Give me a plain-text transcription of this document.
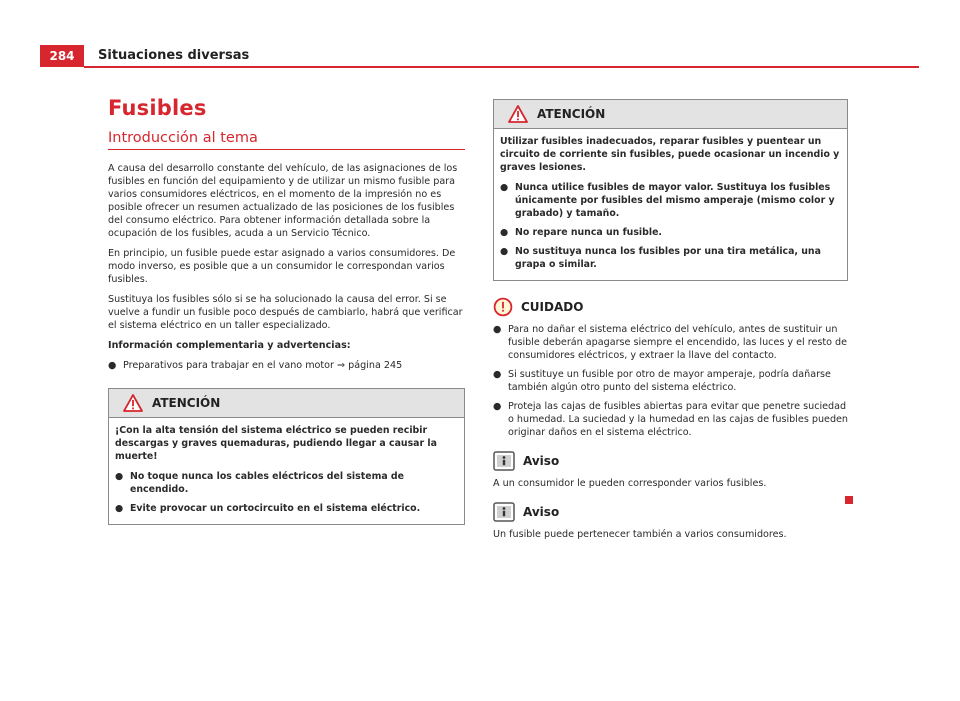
284	Situaciones diversas
Fusibles
Introducción al tema

A causa del desarrollo constante del vehículo, de las asignaciones de los fusibles en función del equipamiento y de utilizar un mismo fusible para varios consumidores eléctricos, en el momento de la impresión no es posible ofrecer un resumen actualizado de las posiciones de los fusibles del consumo eléctrico. Para obtener información detallada sobre la ocupación de los fusibles, acuda a un Servicio Técnico.

En principio, un fusible puede estar asignado a varios consumidores. De modo inverso, es posible que a un consumidor le correspondan varios fusibles.

Sustituya los fusibles sólo si se ha solucionado la causa del error. Si se vuelve a fundir un fusible poco después de cambiarlo, habrá que verificar el sistema eléctrico en un taller especializado.

Información complementaria y advertencias:

● Preparativos para trabajar en el vano motor ⇒ página 245
ATENCIÓN

¡Con la alta tensión del sistema eléctrico se pueden recibir descargas y graves quemaduras, pudiendo llegar a causar la muerte!

● No toque nunca los cables eléctricos del sistema de encendido.
● Evite provocar un cortocircuito en el sistema eléctrico.
ATENCIÓN

Utilizar fusibles inadecuados, reparar fusibles y puentear un circuito de corriente sin fusibles, puede ocasionar un incendio y graves lesiones.

● Nunca utilice fusibles de mayor valor. Sustituya los fusibles únicamente por fusibles del mismo amperaje (mismo color y grabado) y tamaño.
● No repare nunca un fusible.
● No sustituya nunca los fusibles por una tira metálica, una grapa o similar.
CUIDADO
● Para no dañar el sistema eléctrico del vehículo, antes de sustituir un fusible deberán apagarse siempre el encendido, las luces y el resto de consumidores eléctricos, y extraer la llave del contacto.
● Si sustituye un fusible por otro de mayor amperaje, podría dañarse también algún otro punto del sistema eléctrico.
● Proteja las cajas de fusibles abiertas para evitar que penetre suciedad o humedad. La suciedad y la humedad en las cajas de fusibles pueden originar daños en el sistema eléctrico.
Aviso

A un consumidor le pueden corresponder varios fusibles.

Aviso

Un fusible puede pertenecer también a varios consumidores.
